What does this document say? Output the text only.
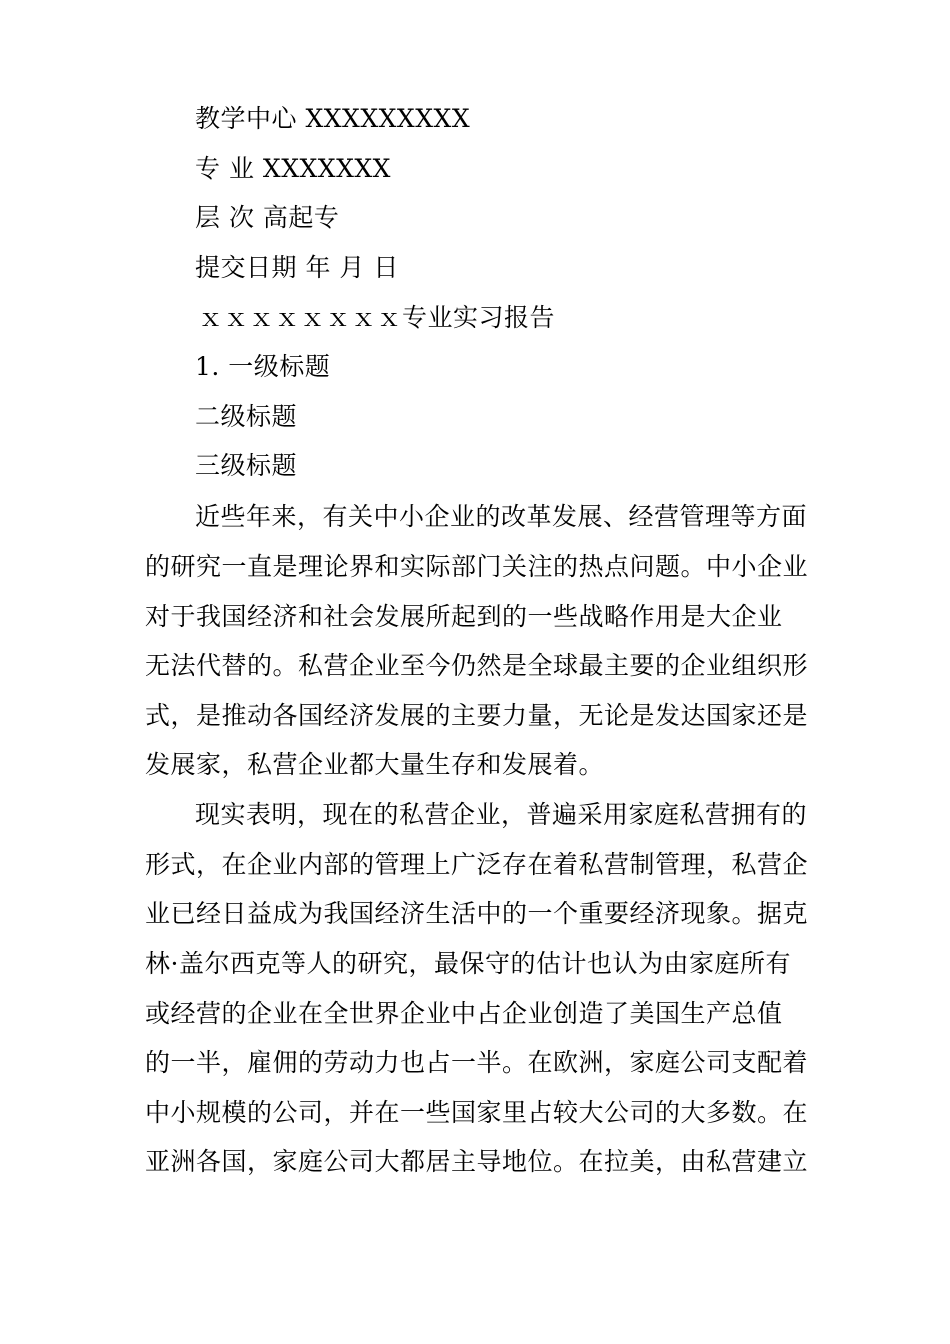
教学中心 XXXXXXXXX
专 业 XXXXXXX
层 次 高起专
提交日期 年 月 日
ｘｘｘｘｘｘｘｘ专业实习报告
1. 一级标题
二级标题
三级标题
近些年来，有关中小企业的改革发展、经营管理等方面
的研究一直是理论界和实际部门关注的热点问题。中小企业
对于我国经济和社会发展所起到的一些战略作用是大企业
无法代替的。私营企业至今仍然是全球最主要的企业组织形
式，是推动各国经济发展的主要力量，无论是发达国家还是
发展家，私营企业都大量生存和发展着。
现实表明，现在的私营企业，普遍采用家庭私营拥有的
形式，在企业内部的管理上广泛存在着私营制管理，私营企
业已经日益成为我国经济生活中的一个重要经济现象。据克
林·盖尔西克等人的研究，最保守的估计也认为由家庭所有
或经营的企业在全世界企业中占企业创造了美国生产总值
的一半，雇佣的劳动力也占一半。在欧洲，家庭公司支配着
中小规模的公司，并在一些国家里占较大公司的大多数。在
亚洲各国，家庭公司大都居主导地位。在拉美，由私营建立
